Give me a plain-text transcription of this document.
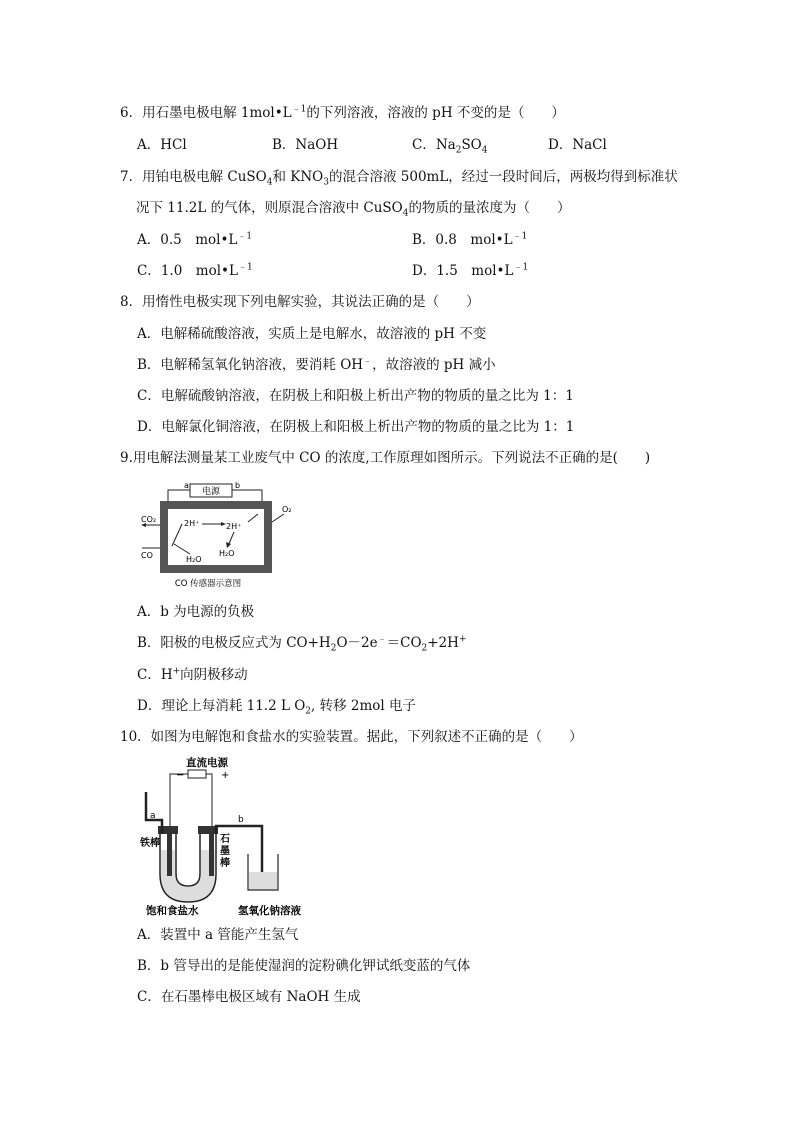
6．用石墨电极电解 $1mol•L^{﹣1}$的下列溶液，溶液的 pH 不变的是（　　）
A．HCl	B．NaOH	C．$Na_2SO_4$	D．NaCl
7．用铂电极电解 CuSO$_4$和 $KNO_3$的混合溶液 500mL，经过一段时间后，两极均得到标准状
况下 11.2L 的气体，则原混合溶液中 CuSO$_4$的物质的量浓度为（　　）
A．0.5　$mol•L^{﹣1}$	B．0.8　$mol•L^{﹣1}$
C．1.0　$mol•L^{﹣1}$	D．1.5　$mol•L^{﹣1}$
8．用惰性电极实现下列电解实验，其说法正确的是（　　）
A．电解稀硫酸溶液，实质上是电解水，故溶液的 pH 不变
B．电解稀氢氧化钠溶液，要消耗 OH﹣，故溶液的 pH 减小
C．电解硫酸钠溶液，在阴极上和阳极上析出产物的物质的量之比为 1：1
D．电解氯化铜溶液，在阴极上和阳极上析出产物的物质的量之比为 1：1
9.用电解法测量某工业废气中 CO 的浓度,工作原理如图所示。下列说法不正确的是(　　)
电源
a	b
CO₂
CO
O₂
2H⁺	2H⁺
H₂O
H₂O
CO 传感器示意图
A．b 为电源的负极
B．阳极的电极反应式为 $CO+H_2O-2e^﹣=CO_2+2H^+$
C．H+向阴极移动
D．理论上每消耗 11.2 L $O_2$, 转移 2mol 电子
10．如图为电解饱和食盐水的实验装置。据此，下列叙述不正确的是（　　）
直流电源
−	+
a	b
铁棒	石墨棒
饱和食盐水	氢氧化钠溶液
A．装置中 a 管能产生氢气
B．b 管导出的是能使湿润的淀粉碘化钾试纸变蓝的气体
C．在石墨棒电极区域有 NaOH 生成
